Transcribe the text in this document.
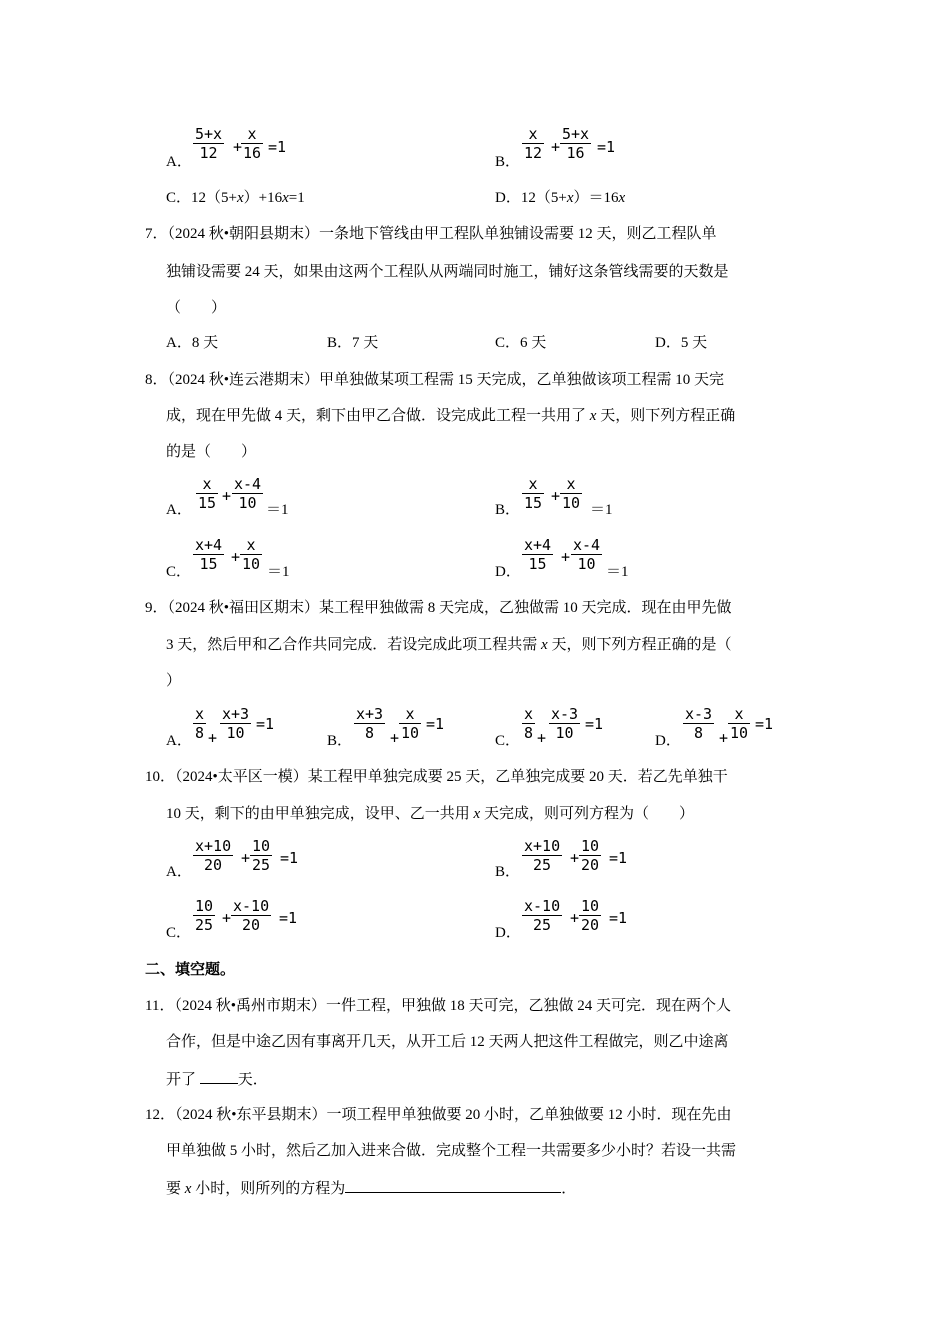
A． $\frac{5+x}{12}$ +
$\frac{x}{16} =1$
B． $\frac{x}{12} + \frac{5+x}{16} =1$
C．12（5+x）+16x=1	D．12（5+x）＝16x
7．（2024 秋•朝阳县期末）一条地下管线由甲工程队单独铺设需要 12 天，则乙工程队单
独铺设需要 24 天，如果由这两个工程队从两端同时施工，铺好这条管线需要的天数是
（　　）
A．8 天	B．7 天	C．6 天	D．5 天
8．（2024 秋•连云港期末）甲单独做某项工程需 15 天完成，乙单独做该项工程需 10 天完
成，现在甲先做 4 天，剩下由甲乙合做．设完成此工程一共用了 x 天，则下列方程正确
的是（　　）
A． $\frac{x}{15} + \frac{x-4}{10} =1$	B． $\frac{x}{15} + \frac{x}{10} =1$
C． $\frac{x+4}{15} + \frac{x}{10} =1$	D． $\frac{x+4}{15} + \frac{x-4}{10} =1$
9．（2024 秋•福田区期末）某工程甲独做需 8 天完成，乙独做需 10 天完成．现在由甲先做
3 天，然后甲和乙合作共同完成．若设完成此项工程共需 x 天，则下列方程正确的是（
）
A． $\frac{x}{8} + \frac{x+3}{10} =1$
B． $\frac{x+3}{8} + \frac{x}{10} =1$
C． $\frac{x}{8} + \frac{x-3}{10} =1$
D． $\frac{x-3}{8} + \frac{x}{10} =1$
10．（2024•太平区一模）某工程甲单独完成要 25 天，乙单独完成要 20 天．若乙先单独干
10 天，剩下的由甲单独完成，设甲、乙一共用 x 天完成，则可列方程为（　　）
A． $\frac{x+10}{20} + \frac{10}{25} =1$
B． $\frac{x+10}{25} + \frac{10}{20} =1$
C． $\frac{10}{25} + \frac{x-10}{20} =1$
D． $\frac{x-10}{25} + \frac{10}{20} =1$
二、填空题。
11．（2024 秋•禹州市期末）一件工程，甲独做 18 天可完，乙独做 24 天可完．现在两个人
合作，但是中途乙因有事离开几天，从开工后 12 天两人把这件工程做完，则乙中途离
开了	天．
12．（2024 秋•东平县期末）一项工程甲单独做要 20 小时，乙单独做要 12 小时．现在先由
甲单独做 5 小时，然后乙加入进来合做．完成整个工程一共需要多少小时？若设一共需
要 x 小时，则所列的方程为	．
